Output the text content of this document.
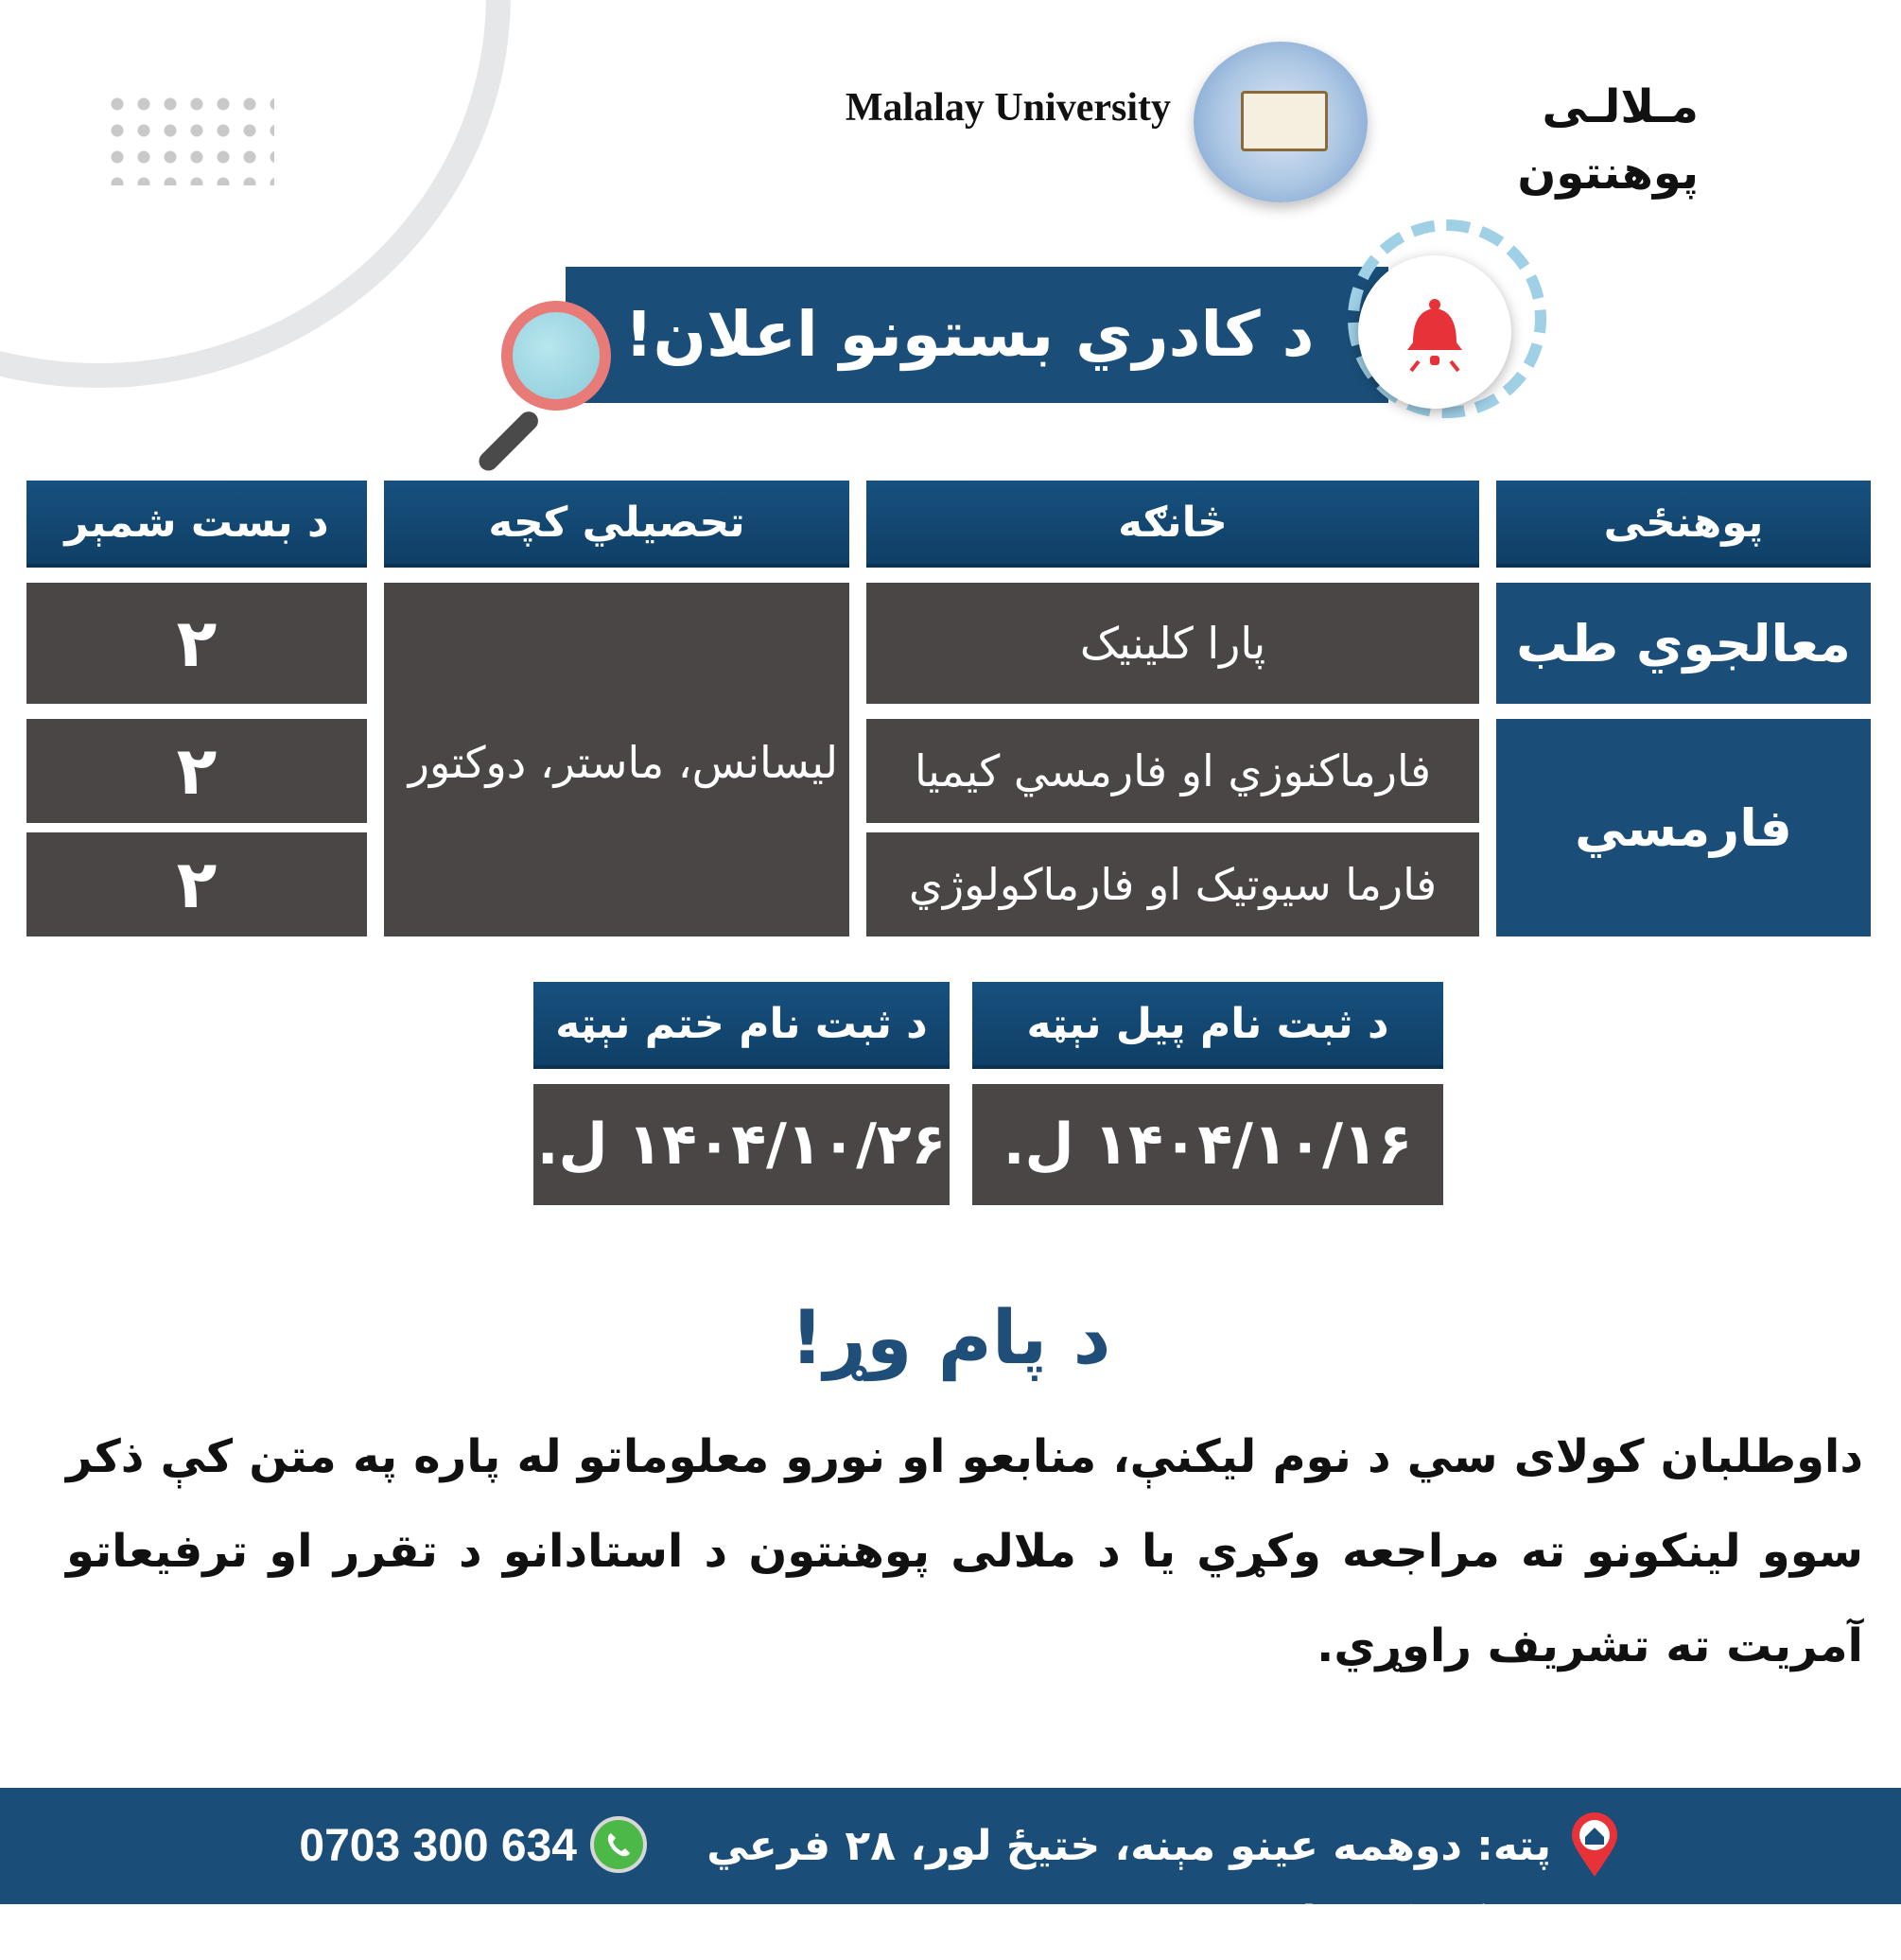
Malalay University	مـلالـی پوهنتون
د کادري بستونو اعلان!
پوهنځی
څانګه
تحصیلي کچه
د بست شمېر
معالجوي طب
فارمسي
پارا کلینیک
فارماکنوزي او فارمسي کیمیا
فارما سیوتیک او فارماکولوژي
لیسانس، ماستر، دوکتور
۲
۲
۲
د ثبت نام پیل نېټه
۱۴۰۴/۱۰/۱۶ ل.
د ثبت نام ختم نېټه
۱۴۰۴/۱۰/۲۶ ل.
د پام وړ!
داوطلبان کولای سي د نوم لیکنې، منابعو او نورو معلوماتو له پاره په متن کې ذکر سوو لینکونو ته مراجعه وکړي یا د ملالی پوهنتون د استادانو د تقرر او ترفیعاتو آمریت ته تشریف راوړي.
پته: دوهمه عینو مېنه، ختیځ لور، ۲۸ فرعي سړک. کندهار.
0703 300 634
